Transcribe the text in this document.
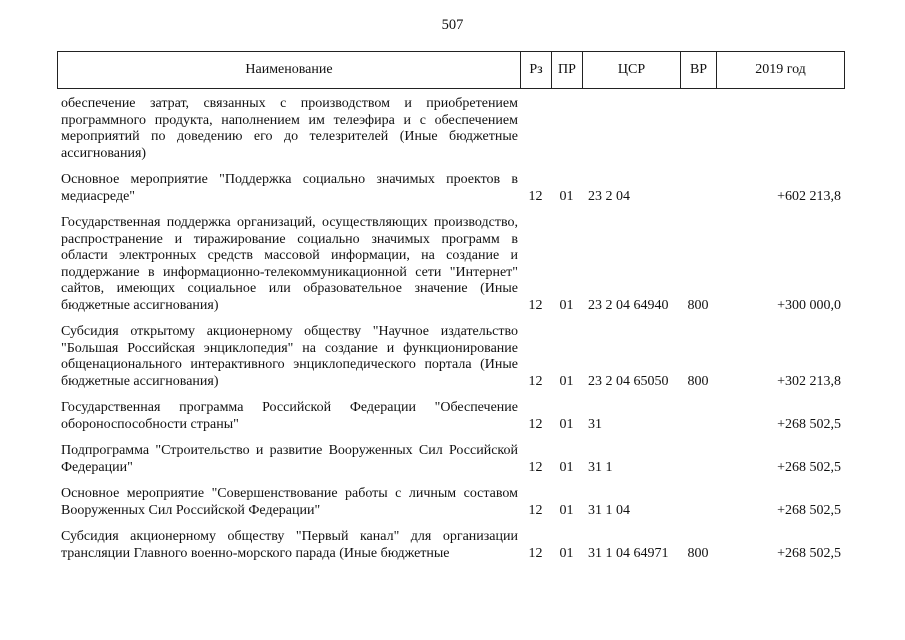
507
Наименование	Рз	ПР	ЦСР	ВР	2019 год
обеспечение затрат, связанных с производством и приобретением программного продукта, наполнением им телеэфира и с обеспечением мероприятий по доведению его до телезрителей (Иные бюджетные ассигнования)					
Основное мероприятие "Поддержка социально значимых проектов в медиасреде"	12	01	23 2 04		+602 213,8
Государственная поддержка организаций, осуществляющих производство, распространение и тиражирование социально значимых программ в области электронных средств массовой информации, на создание и поддержание в информационно-телекоммуникационной сети "Интернет" сайтов, имеющих социальное или образовательное значение (Иные бюджетные ассигнования)	12	01	23 2 04 64940	800	+300 000,0
Субсидия открытому акционерному обществу "Научное издательство "Большая Российская энциклопедия" на создание и функционирование общенационального интерактивного энциклопедического портала (Иные бюджетные ассигнования)	12	01	23 2 04 65050	800	+302 213,8
Государственная программа Российской Федерации "Обеспечение обороноспособности страны"	12	01	31		+268 502,5
Подпрограмма "Строительство и развитие Вооруженных Сил Российской Федерации"	12	01	31 1		+268 502,5
Основное мероприятие "Совершенствование работы с личным составом Вооруженных Сил Российской Федерации"	12	01	31 1 04		+268 502,5
Субсидия акционерному обществу "Первый канал" для организации трансляции Главного военно-морского парада (Иные бюджетные	12	01	31 1 04 64971	800	+268 502,5
